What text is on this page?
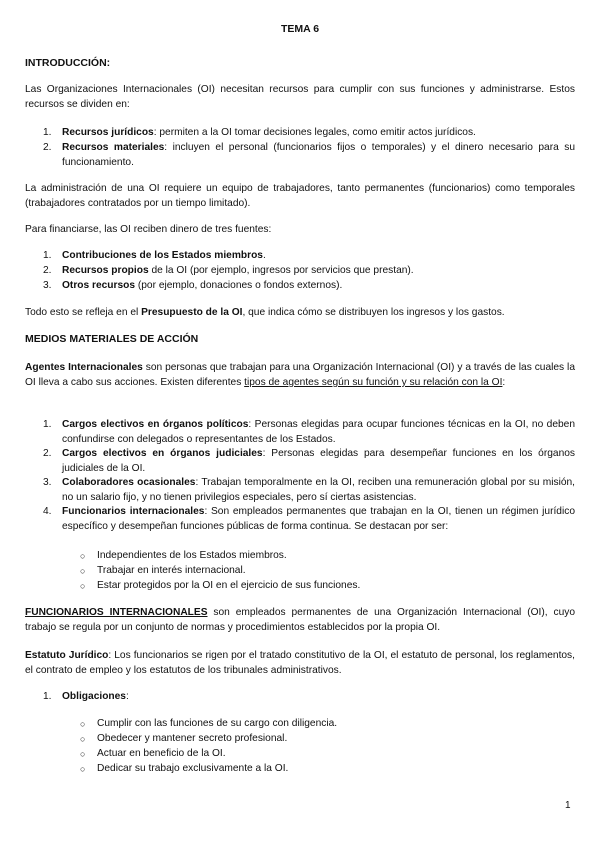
TEMA 6
INTRODUCCIÓN:

Las Organizaciones Internacionales (OI) necesitan recursos para cumplir con sus funciones y administrarse. Estos recursos se dividen en:

1. Recursos jurídicos: permiten a la OI tomar decisiones legales, como emitir actos jurídicos.
2. Recursos materiales: incluyen el personal (funcionarios fijos o temporales) y el dinero necesario para su funcionamiento.

La administración de una OI requiere un equipo de trabajadores, tanto permanentes (funcionarios) como temporales (trabajadores contratados por un tiempo limitado).

Para financiarse, las OI reciben dinero de tres fuentes:

1. Contribuciones de los Estados miembros.
2. Recursos propios de la OI (por ejemplo, ingresos por servicios que prestan).
3. Otros recursos (por ejemplo, donaciones o fondos externos).

Todo esto se refleja en el Presupuesto de la OI, que indica cómo se distribuyen los ingresos y los gastos.

MEDIOS MATERIALES DE ACCIÓN

Agentes Internacionales son personas que trabajan para una Organización Internacional (OI) y a través de las cuales la OI lleva a cabo sus acciones. Existen diferentes tipos de agentes según su función y su relación con la OI:

1. Cargos electivos en órganos políticos: Personas elegidas para ocupar funciones técnicas en la OI, no deben confundirse con delegados o representantes de los Estados.
2. Cargos electivos en órganos judiciales: Personas elegidas para desempeñar funciones en los órganos judiciales de la OI.
3. Colaboradores ocasionales: Trabajan temporalmente en la OI, reciben una remuneración global por su misión, no un salario fijo, y no tienen privilegios especiales, pero sí ciertas asistencias.
4. Funcionarios internacionales: Son empleados permanentes que trabajan en la OI, tienen un régimen jurídico específico y desempeñan funciones públicas de forma continua. Se destacan por ser:
○ Independientes de los Estados miembros.
○ Trabajar en interés internacional.
○ Estar protegidos por la OI en el ejercicio de sus funciones.

FUNCIONARIOS INTERNACIONALES son empleados permanentes de una Organización Internacional (OI), cuyo trabajo se regula por un conjunto de normas y procedimientos establecidos por la propia OI.

Estatuto Jurídico: Los funcionarios se rigen por el tratado constitutivo de la OI, el estatuto de personal, los reglamentos, el contrato de empleo y los estatutos de los tribunales administrativos.

1. Obligaciones:
○ Cumplir con las funciones de su cargo con diligencia.
○ Obedecer y mantener secreto profesional.
○ Actuar en beneficio de la OI.
○ Dedicar su trabajo exclusivamente a la OI.
1
